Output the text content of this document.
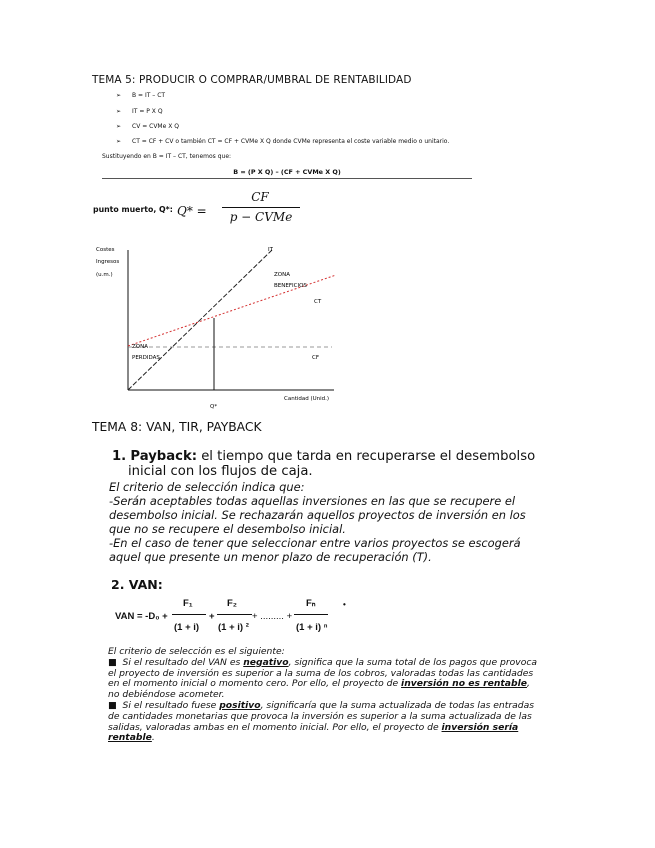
TEMA 5: PRODUCIR O COMPRAR/UMBRAL DE RENTABILIDAD
➢ B = IT – CT
➢ IT = P X Q
➢ CV = CVMe X Q
➢ CT = CF + CV o también CT = CF + CVMe X Q donde CVMe representa el coste variable medio o unitario.
Sustituyendo en B = IT – CT, tenemos que:
B = (P X Q) – (CF + CVMe X Q)
punto muerto, Q*: Q* =
CF
p − CVMe
Costes
Ingresos
(u.m.)
IT
ZONA
BENEFICIOS
CT
CF
ZONA
PERDIDAS
Cantidad (Unid.)
Q*
TEMA 8: VAN, TIR, PAYBACK
1. Payback: el tiempo que tarda en recuperarse el desembolso
inicial con los flujos de caja.
El criterio de selección indica que:
-Serán aceptables todas aquellas inversiones en las que se recupere el
desembolso inicial. Se rechazarán aquellos proyectos de inversión en los
que no se recupere el desembolso inicial.
-En el caso de tener que seleccionar entre varios proyectos se escogerá
aquel que presente un menor plazo de recuperación (T).
2. VAN:
VAN = -D₀ +
F₁
(1 + i)
+
F₂
(1 + i) ²
+ ......... +
Fₙ
(1 + i) ⁿ
•
El criterio de selección es el siguiente:
■ Si el resultado del VAN es negativo, significa que la suma total de los pagos que provoca
el proyecto de inversión es superior a la suma de los cobros, valoradas todas las cantidades
en el momento inicial o momento cero. Por ello, el proyecto de inversión no es rentable,
no debiéndose acometer.
■ Si el resultado fuese positivo, significaría que la suma actualizada de todas las entradas
de cantidades monetarias que provoca la inversión es superior a la suma actualizada de las
salidas, valoradas ambas en el momento inicial. Por ello, el proyecto de inversión sería
rentable.
